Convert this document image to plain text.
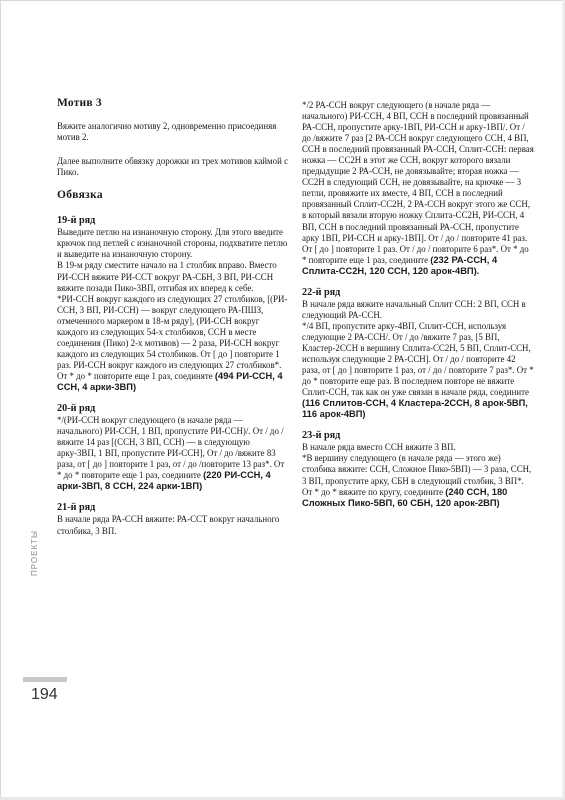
Мотив 3

Вяжите аналогично мотиву 2, одновременно присоединяя мотив 2.

Далее выполните обвязку дорожки из трех мотивов каймой с Пико.

Обвязка
19-й ряд

Выведите петлю на изнаночную сторону. Для этого введите крючок под петлей с изнаночной стороны, подхватите петлю и выведите на изнаночную сторону.

В 19-м ряду сместите начало на 1 столбик вправо. Вместо РИ-ССН вяжите РИ-ССТ вокруг РА-СБН, 3 ВП, РИ-ССН вяжите позади Пико-3ВП, отгибая их вперед к себе.

*РИ-ССН вокруг каждого из следующих 27 столбиков, [(РИ-ССН, 3 ВП, РИ-ССН) — вокруг следующего РА-ПШЗ, отмеченного маркером в 18-м ряду], (РИ-ССН вокруг каждого из следующих 54-х столбиков, ССН в месте соединения (Пико) 2-х мотивов) — 2 раза, РИ-ССН вокруг каждого из следующих 54 столбиков. От [ до ] повторите 1 раз. РИ-ССН вокруг каждого из следующих 27 столбиков*. От * до * повторите еще 1 раз, соединяте (494 РИ-ССН, 4 ССН, 4 арки-3ВП)

20-й ряд

*/(РИ-ССН вокруг следующего (в начале ряда — начального) РИ-ССН, 1 ВП, пропустите РИ-ССН)/. От / до /вяжите 14 раз [(ССН, 3 ВП, ССН) — в следующую арку-3ВП, 1 ВП, пропустите РИ-ССН], От / до /вяжите 83 раза, от [ до ] повторите 1 раз, от / до /повторите 13 раз*. От * до * повторите еще 1 раз, соедините (220 РИ-ССН, 4 арки-3ВП, 8 ССН, 224 арки-1ВП)

21-й ряд

В начале ряда РА-ССН вяжите: РА-ССТ вокруг начального столбика, 3 ВП.

*/2 РА-ССН вокруг следующего (в начале ряда — начального) РИ-ССН, 4 ВП, ССН в последний провязанный РА-ССН, пропустите арку-1ВП, РИ-ССН и арку-1ВП/. От / до /вяжите 7 раз [2 РА-ССН вокруг следующего ССН, 4 ВП, ССН в последний провязанный РА-ССН, Сплит-ССН: первая ножка — СС2Н в этот же ССН, вокруг которого вязали предыдущие 2 РА-ССН, не довязывайте; вторая ножка — СС2Н в следующий ССН, не довязывайте, на крючке — 3 петли, провяжите их вместе, 4 ВП, ССН в последний провязанный Сплит-СС2Н, 2 РА-ССН вокруг этого же ССН, в который вязали вторую ножку Сплита-СС2Н, РИ-ССН, 4 ВП, ССН в последний провязанный РА-ССН, пропустите арку 1ВП, РИ-ССН и арку-1ВП]. От / до / повторите 41 раз. От [ до ] повторите 1 раз. От / до / повторите 6 раз*. От * до * повторите еще 1 раз, соедините (232 РА-ССН, 4 Сплита-СС2Н, 120 ССН, 120 арок-4ВП).

22-й ряд

В начале ряда вяжите начальный Сплит ССН: 2 ВП, ССН в следующий РА-ССН.

*/4 ВП, пропустите арку-4ВП, Сплит-ССН, используя следующие 2 РА-ССН/. От / до /вяжите 7 раз, [5 ВП, Кластер-2ССН в вершину Сплита-СС2Н, 5 ВП, Сплит-ССН, используя следующие 2 РА-ССН]. От / до / повторите 42 раза, от [ до ] повторите 1 раз, от / до / повторите 7 раз*. От * до * повторите еще раз. В последнем повторе не вяжите Сплит-ССН, так как он уже связан в начале ряда, соедините (116 Сплитов-ССН, 4 Кластера-2ССН, 8 арок-5ВП, 116 арок-4ВП)

23-й ряд

В начале ряда вместо ССН вяжите 3 ВП.

*В вершину следующего (в начале ряда — этого же) столбика вяжите: ССН, Сложное Пико-5ВП) — 3 раза, ССН, 3 ВП, пропустите арку, СБН в следующий столбик, 3 ВП*. От * до * вяжите по кругу, соедините (240 ССН, 180 Сложных Пико-5ВП, 60 СБН, 120 арок-2ВП)

ПРОЕКТЫ
194
